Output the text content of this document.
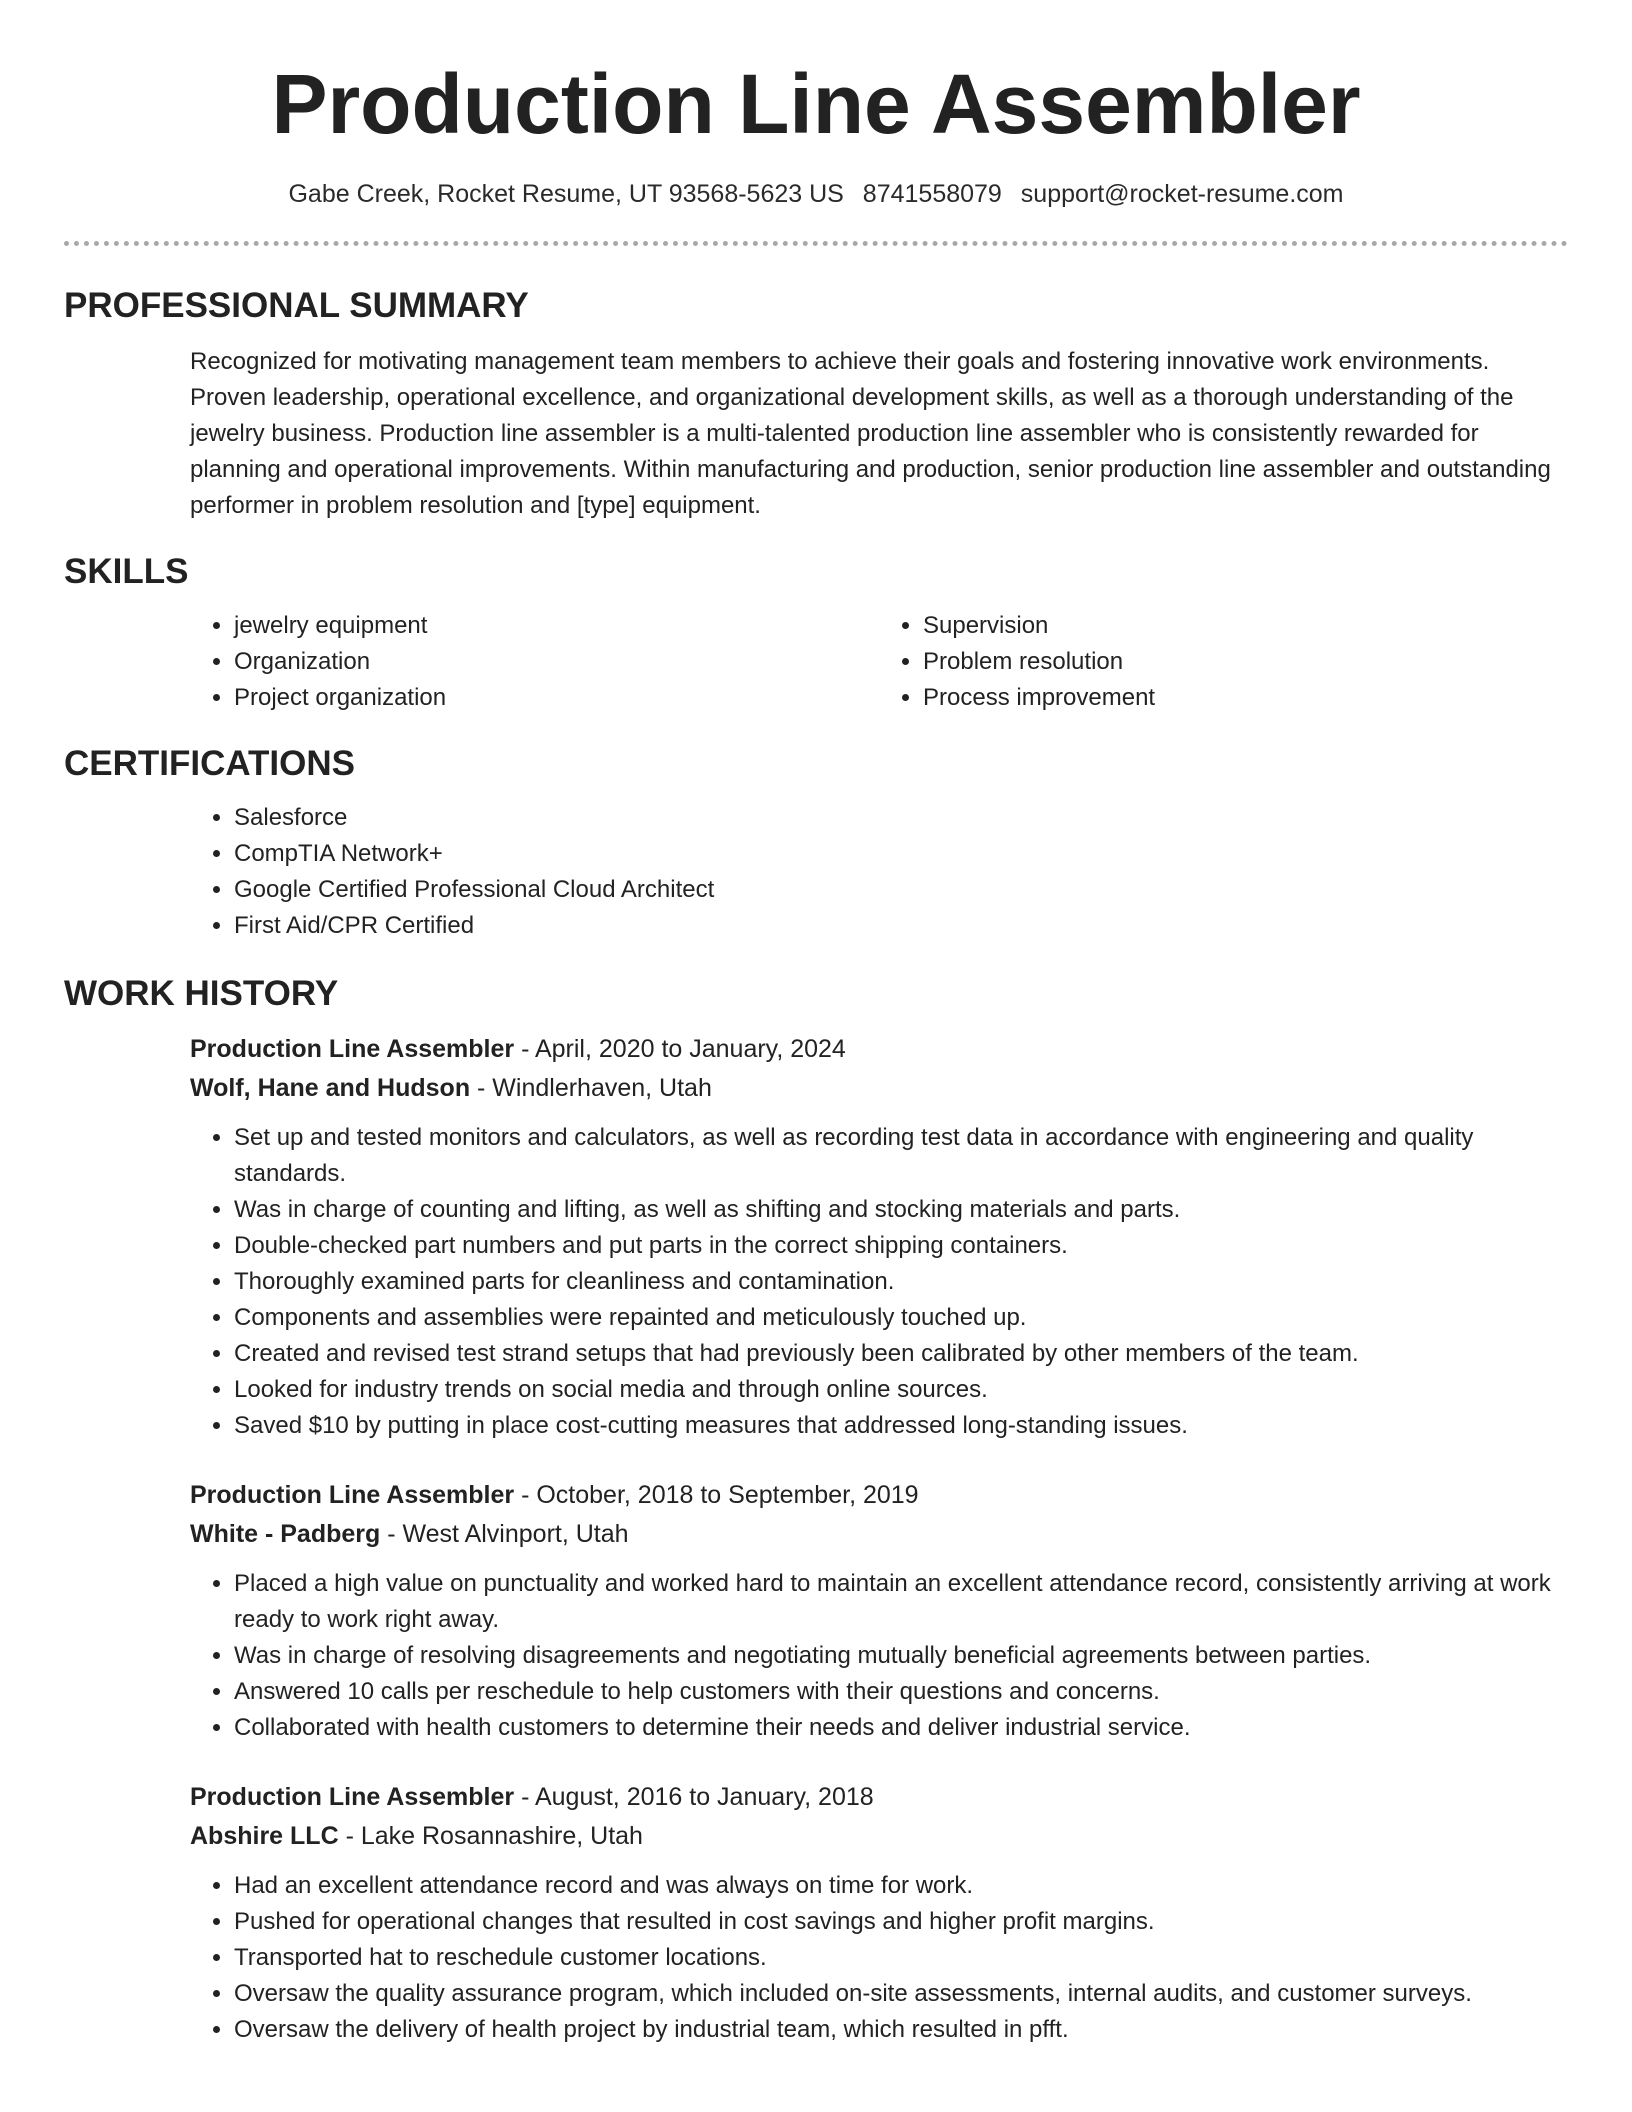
Production Line Assembler
Gabe Creek, Rocket Resume, UT 93568-5623 US 8741558079 support@rocket-resume.com
PROFESSIONAL SUMMARY
Recognized for motivating management team members to achieve their goals and fostering innovative work environments. Proven leadership, operational excellence, and organizational development skills, as well as a thorough understanding of the jewelry business. Production line assembler is a multi-talented production line assembler who is consistently rewarded for planning and operational improvements. Within manufacturing and production, senior production line assembler and outstanding performer in problem resolution and [type] equipment.
SKILLS
• jewelry equipment
• Organization
• Project organization
• Supervision
• Problem resolution
• Process improvement
CERTIFICATIONS
• Salesforce
• CompTIA Network+
• Google Certified Professional Cloud Architect
• First Aid/CPR Certified
WORK HISTORY
Production Line Assembler - April, 2020 to January, 2024
Wolf, Hane and Hudson - Windlerhaven, Utah
• Set up and tested monitors and calculators, as well as recording test data in accordance with engineering and quality standards.
• Was in charge of counting and lifting, as well as shifting and stocking materials and parts.
• Double-checked part numbers and put parts in the correct shipping containers.
• Thoroughly examined parts for cleanliness and contamination.
• Components and assemblies were repainted and meticulously touched up.
• Created and revised test strand setups that had previously been calibrated by other members of the team.
• Looked for industry trends on social media and through online sources.
• Saved $10 by putting in place cost-cutting measures that addressed long-standing issues.
Production Line Assembler - October, 2018 to September, 2019
White - Padberg - West Alvinport, Utah
• Placed a high value on punctuality and worked hard to maintain an excellent attendance record, consistently arriving at work ready to work right away.
• Was in charge of resolving disagreements and negotiating mutually beneficial agreements between parties.
• Answered 10 calls per reschedule to help customers with their questions and concerns.
• Collaborated with health customers to determine their needs and deliver industrial service.
Production Line Assembler - August, 2016 to January, 2018
Abshire LLC - Lake Rosannashire, Utah
• Had an excellent attendance record and was always on time for work.
• Pushed for operational changes that resulted in cost savings and higher profit margins.
• Transported hat to reschedule customer locations.
• Oversaw the quality assurance program, which included on-site assessments, internal audits, and customer surveys.
• Oversaw the delivery of health project by industrial team, which resulted in pfft.
